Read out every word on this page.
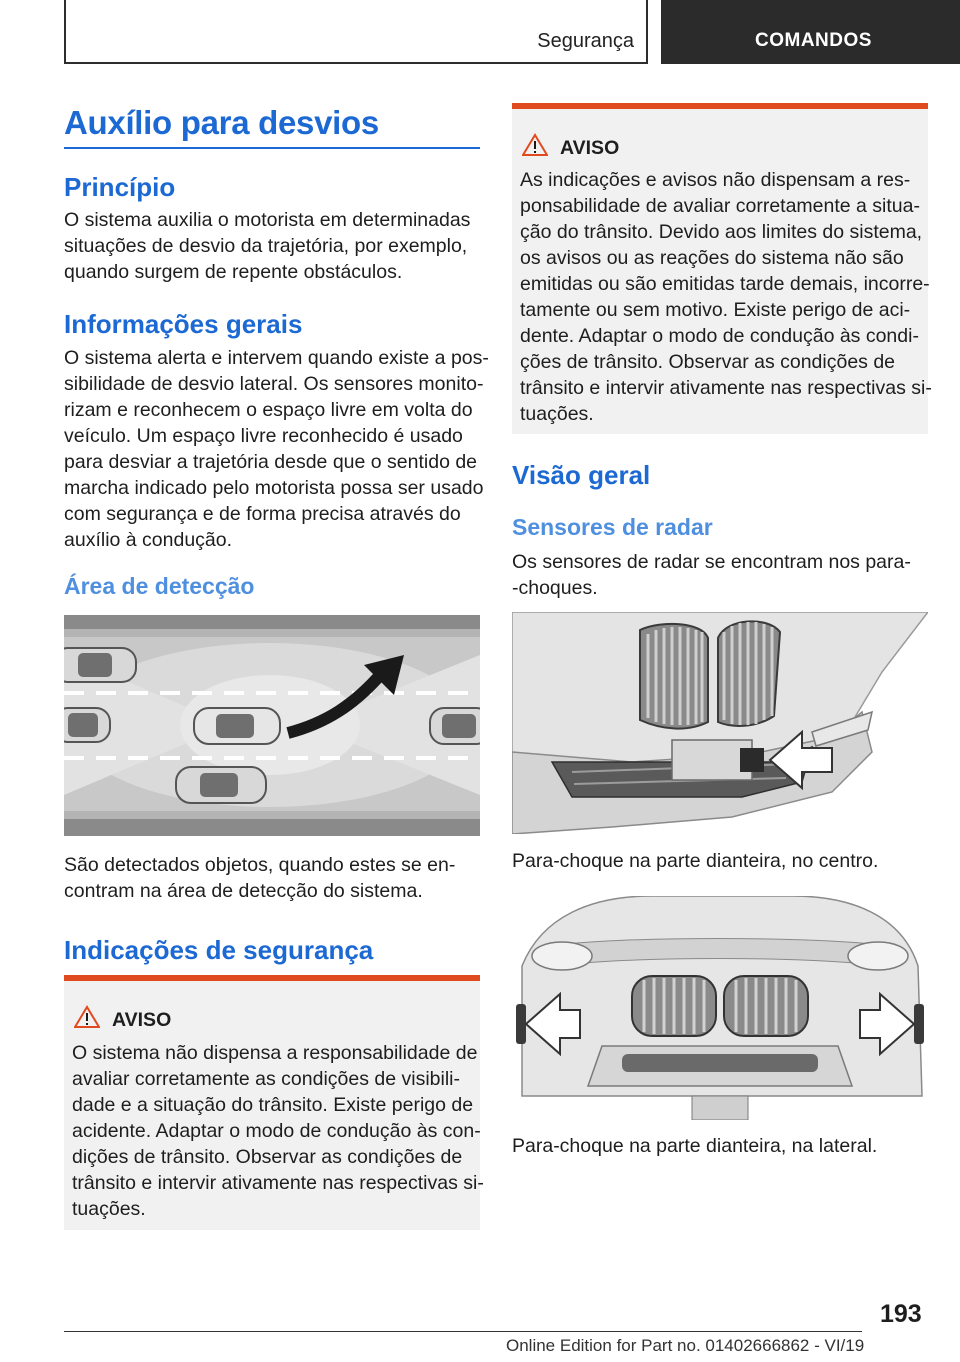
Segurança	COMANDOS
Auxílio para desvios
Princípio
O sistema auxilia o motorista em determinadas
situações de desvio da trajetória, por exemplo,
quando surgem de repente obstáculos.
Informações gerais
O sistema alerta e intervem quando existe a pos-
sibilidade de desvio lateral. Os sensores monito-
rizam e reconhecem o espaço livre em volta do
veículo. Um espaço livre reconhecido é usado
para desviar a trajetória desde que o sentido de
marcha indicado pelo motorista possa ser usado
com segurança e de forma precisa através do
auxílio à condução.
Área de detecção
São detectados objetos, quando estes se en-
contram na área de detecção do sistema.
Indicações de segurança
AVISO
O sistema não dispensa a responsabilidade de
avaliar corretamente as condições de visibili-
dade e a situação do trânsito. Existe perigo de
acidente. Adaptar o modo de condução às con-
dições de trânsito. Observar as condições de
trânsito e intervir ativamente nas respectivas si-
tuações.
AVISO
As indicações e avisos não dispensam a res-
ponsabilidade de avaliar corretamente a situa-
ção do trânsito. Devido aos limites do sistema,
os avisos ou as reações do sistema não são
emitidas ou são emitidas tarde demais, incorre-
tamente ou sem motivo. Existe perigo de aci-
dente. Adaptar o modo de condução às condi-
ções de trânsito. Observar as condições de
trânsito e intervir ativamente nas respectivas si-
tuações.
Visão geral
Sensores de radar
Os sensores de radar se encontram nos para-
-choques.
Para-choque na parte dianteira, no centro.
Para-choque na parte dianteira, na lateral.
193
Online Edition for Part no. 01402666862 - VI/19
